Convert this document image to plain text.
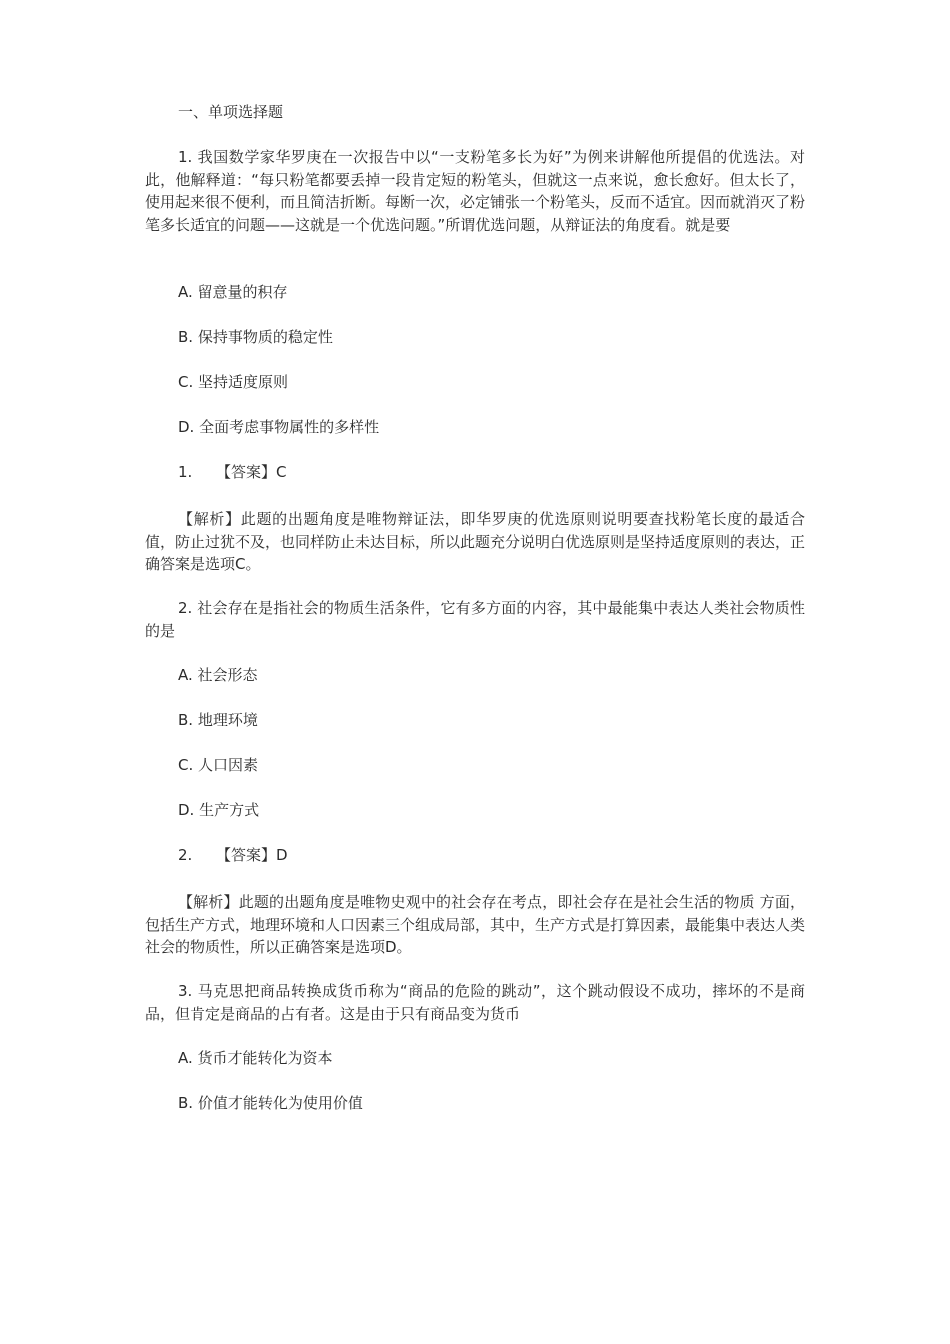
一、单项选择题

1. 我国数学家华罗庚在一次报告中以“一支粉笔多长为好”为例来讲解他所提倡的优选法。对此，他解释道：“每只粉笔都要丢掉一段肯定短的粉笔头，但就这一点来说，愈长愈好。但太长了，使用起来很不便利，而且简洁折断。每断一次，必定铺张一个粉笔头，反而不适宜。因而就消灭了粉笔多长适宜的问题——这就是一个优选问题。”所谓优选问题，从辩证法的角度看。就是要

A. 留意量的积存

B. 保持事物质的稳定性

C. 坚持适度原则

D. 全面考虑事物属性的多样性

1. 【答案】C

【解析】此题的出题角度是唯物辩证法，即华罗庚的优选原则说明要查找粉笔长度的最适合值，防止过犹不及，也同样防止未达目标，所以此题充分说明白优选原则是坚持适度原则的表达，正确答案是选项C。

2. 社会存在是指社会的物质生活条件，它有多方面的内容，其中最能集中表达人类社会物质性的是

A. 社会形态

B. 地理环境

C. 人口因素

D. 生产方式

2. 【答案】D

【解析】此题的出题角度是唯物史观中的社会存在考点，即社会存在是社会生活的物质 方面，包括生产方式，地理环境和人口因素三个组成局部，其中，生产方式是打算因素，最能集中表达人类社会的物质性，所以正确答案是选项D。

3. 马克思把商品转换成货币称为“商品的危险的跳动”，这个跳动假设不成功，摔坏的不是商品，但肯定是商品的占有者。这是由于只有商品变为货币

A. 货币才能转化为资本

B. 价值才能转化为使用价值
